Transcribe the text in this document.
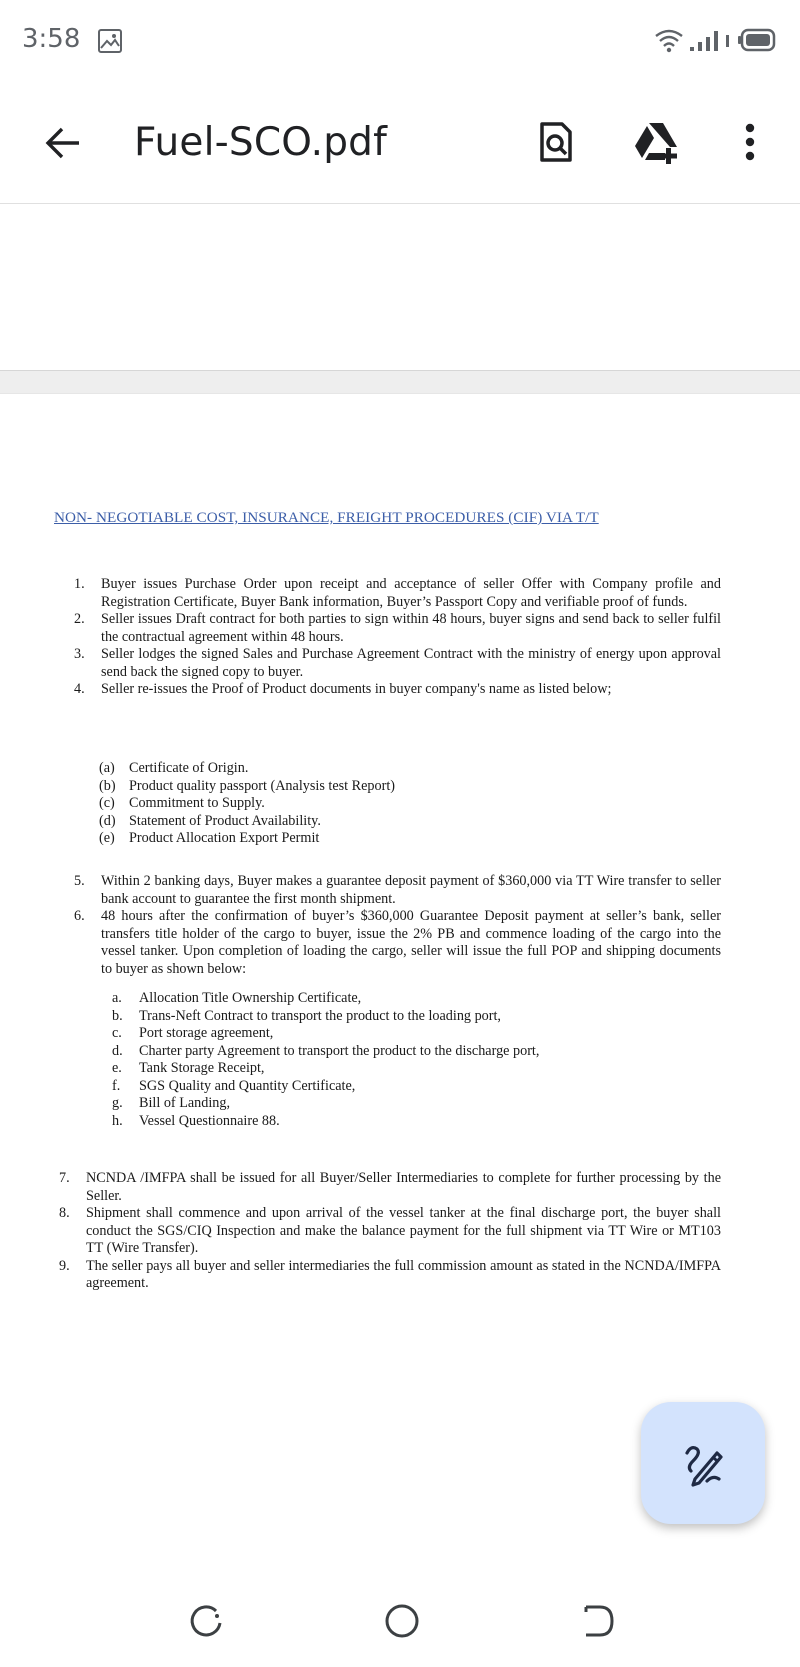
3:58
Fuel-SCO.pdf
NON- NEGOTIABLE COST, INSURANCE, FREIGHT PROCEDURES (CIF) VIA T/T
1. Buyer issues Purchase Order upon receipt and acceptance of seller Offer with Company profile and Registration Certificate, Buyer Bank information, Buyer’s Passport Copy and verifiable proof of funds.
2. Seller issues Draft contract for both parties to sign within 48 hours, buyer signs and send back to seller fulfil the contractual agreement within 48 hours.
3. Seller lodges the signed Sales and Purchase Agreement Contract with the ministry of energy upon approval send back the signed copy to buyer.
4. Seller re-issues the Proof of Product documents in buyer company's name as listed below;
(a) Certificate of Origin.
(b) Product quality passport (Analysis test Report)
(c) Commitment to Supply.
(d) Statement of Product Availability.
(e) Product Allocation Export Permit
5. Within 2 banking days, Buyer makes a guarantee deposit payment of $360,000 via TT Wire transfer to seller bank account to guarantee the first month shipment.
6. 48 hours after the confirmation of buyer’s $360,000 Guarantee Deposit payment at seller’s bank, seller transfers title holder of the cargo to buyer, issue the 2% PB and commence loading of the cargo into the vessel tanker. Upon completion of loading the cargo, seller will issue the full POP and shipping documents to buyer as shown below:
a. Allocation Title Ownership Certificate,
b. Trans-Neft Contract to transport the product to the loading port,
c. Port storage agreement,
d. Charter party Agreement to transport the product to the discharge port,
e. Tank Storage Receipt,
f. SGS Quality and Quantity Certificate,
g. Bill of Landing,
h. Vessel Questionnaire 88.
7. NCNDA /IMFPA shall be issued for all Buyer/Seller Intermediaries to complete for further processing by the Seller.
8. Shipment shall commence and upon arrival of the vessel tanker at the final discharge port, the buyer shall conduct the SGS/CIQ Inspection and make the balance payment for the full shipment via TT Wire or MT103 TT (Wire Transfer).
9. The seller pays all buyer and seller intermediaries the full commission amount as stated in the NCNDA/IMFPA agreement.
